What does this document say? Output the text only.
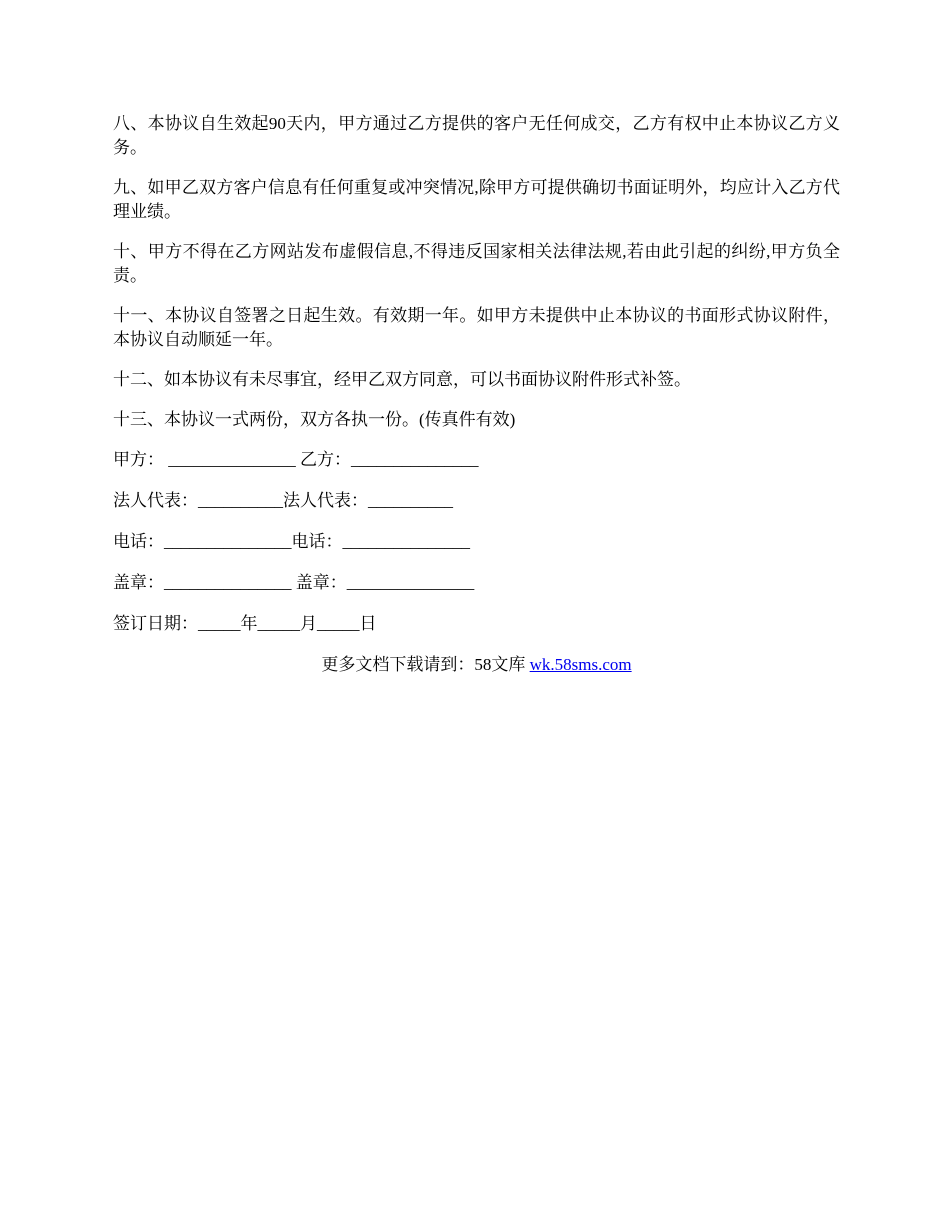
八、本协议自生效起90天内，甲方通过乙方提供的客户无任何成交，乙方有权中止本协议乙方义务。

九、如甲乙双方客户信息有任何重复或冲突情况,除甲方可提供确切书面证明外，均应计入乙方代理业绩。

十、甲方不得在乙方网站发布虚假信息,不得违反国家相关法律法规,若由此引起的纠纷,甲方负全责。

十一、本协议自签署之日起生效。有效期一年。如甲方未提供中止本协议的书面形式协议附件，本协议自动顺延一年。

十二、如本协议有未尽事宜，经甲乙双方同意，可以书面协议附件形式补签。

十三、本协议一式两份，双方各执一份。(传真件有效)

甲方： _______________ 乙方：_______________
法人代表：__________法人代表：__________
电话：_______________电话：_______________
盖章：_______________ 盖章：_______________
签订日期：_____年_____月_____日
更多文档下载请到：58文库 wk.58sms.com
